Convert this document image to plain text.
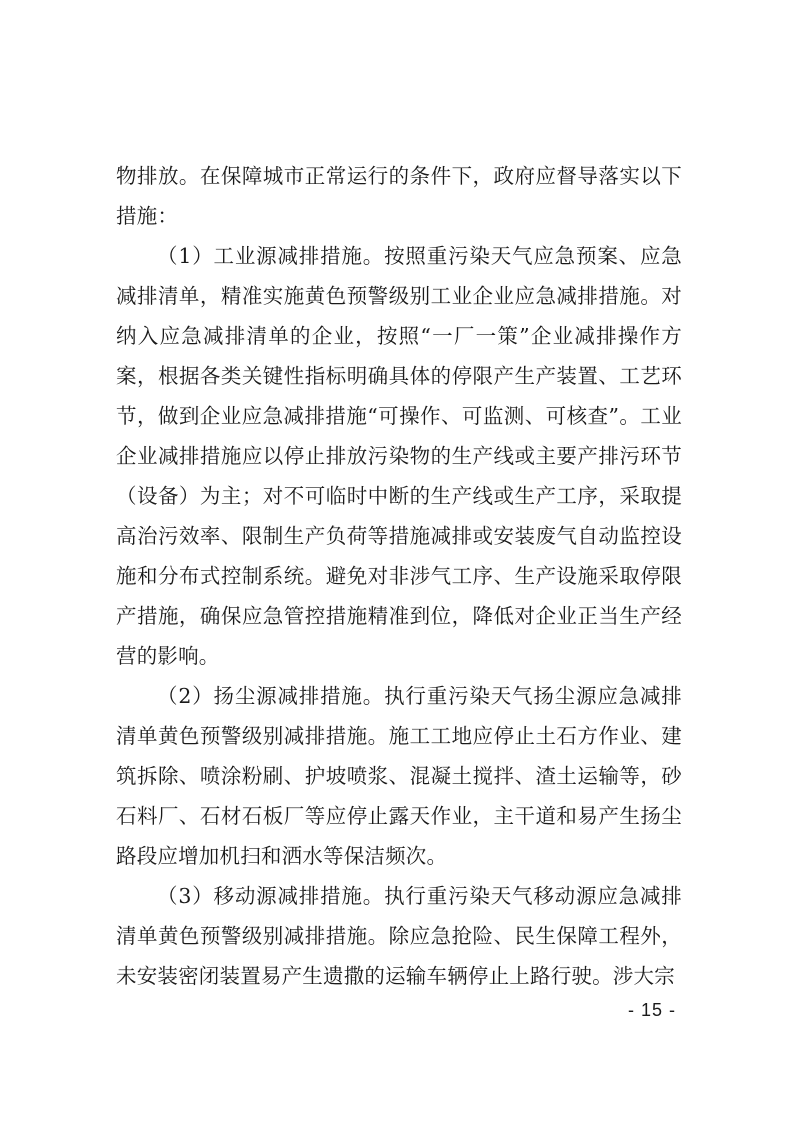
物排放。在保障城市正常运行的条件下，政府应督导落实以下措施：

（1）工业源减排措施。按照重污染天气应急预案、应急减排清单，精准实施黄色预警级别工业企业应急减排措施。对纳入应急减排清单的企业，按照“一厂一策”企业减排操作方案，根据各类关键性指标明确具体的停限产生产装置、工艺环节，做到企业应急减排措施“可操作、可监测、可核查”。工业企业减排措施应以停止排放污染物的生产线或主要产排污环节（设备）为主；对不可临时中断的生产线或生产工序，采取提高治污效率、限制生产负荷等措施减排或安装废气自动监控设施和分布式控制系统。避免对非涉气工序、生产设施采取停限产措施，确保应急管控措施精准到位，降低对企业正当生产经营的影响。

（2）扬尘源减排措施。执行重污染天气扬尘源应急减排清单黄色预警级别减排措施。施工工地应停止土石方作业、建筑拆除、喷涂粉刷、护坡喷浆、混凝土搅拌、渣土运输等，砂石料厂、石材石板厂等应停止露天作业，主干道和易产生扬尘路段应增加机扫和洒水等保洁频次。

（3）移动源减排措施。执行重污染天气移动源应急减排清单黄色预警级别减排措施。除应急抢险、民生保障工程外，未安装密闭装置易产生遗撒的运输车辆停止上路行驶。涉大宗

- 15 -
